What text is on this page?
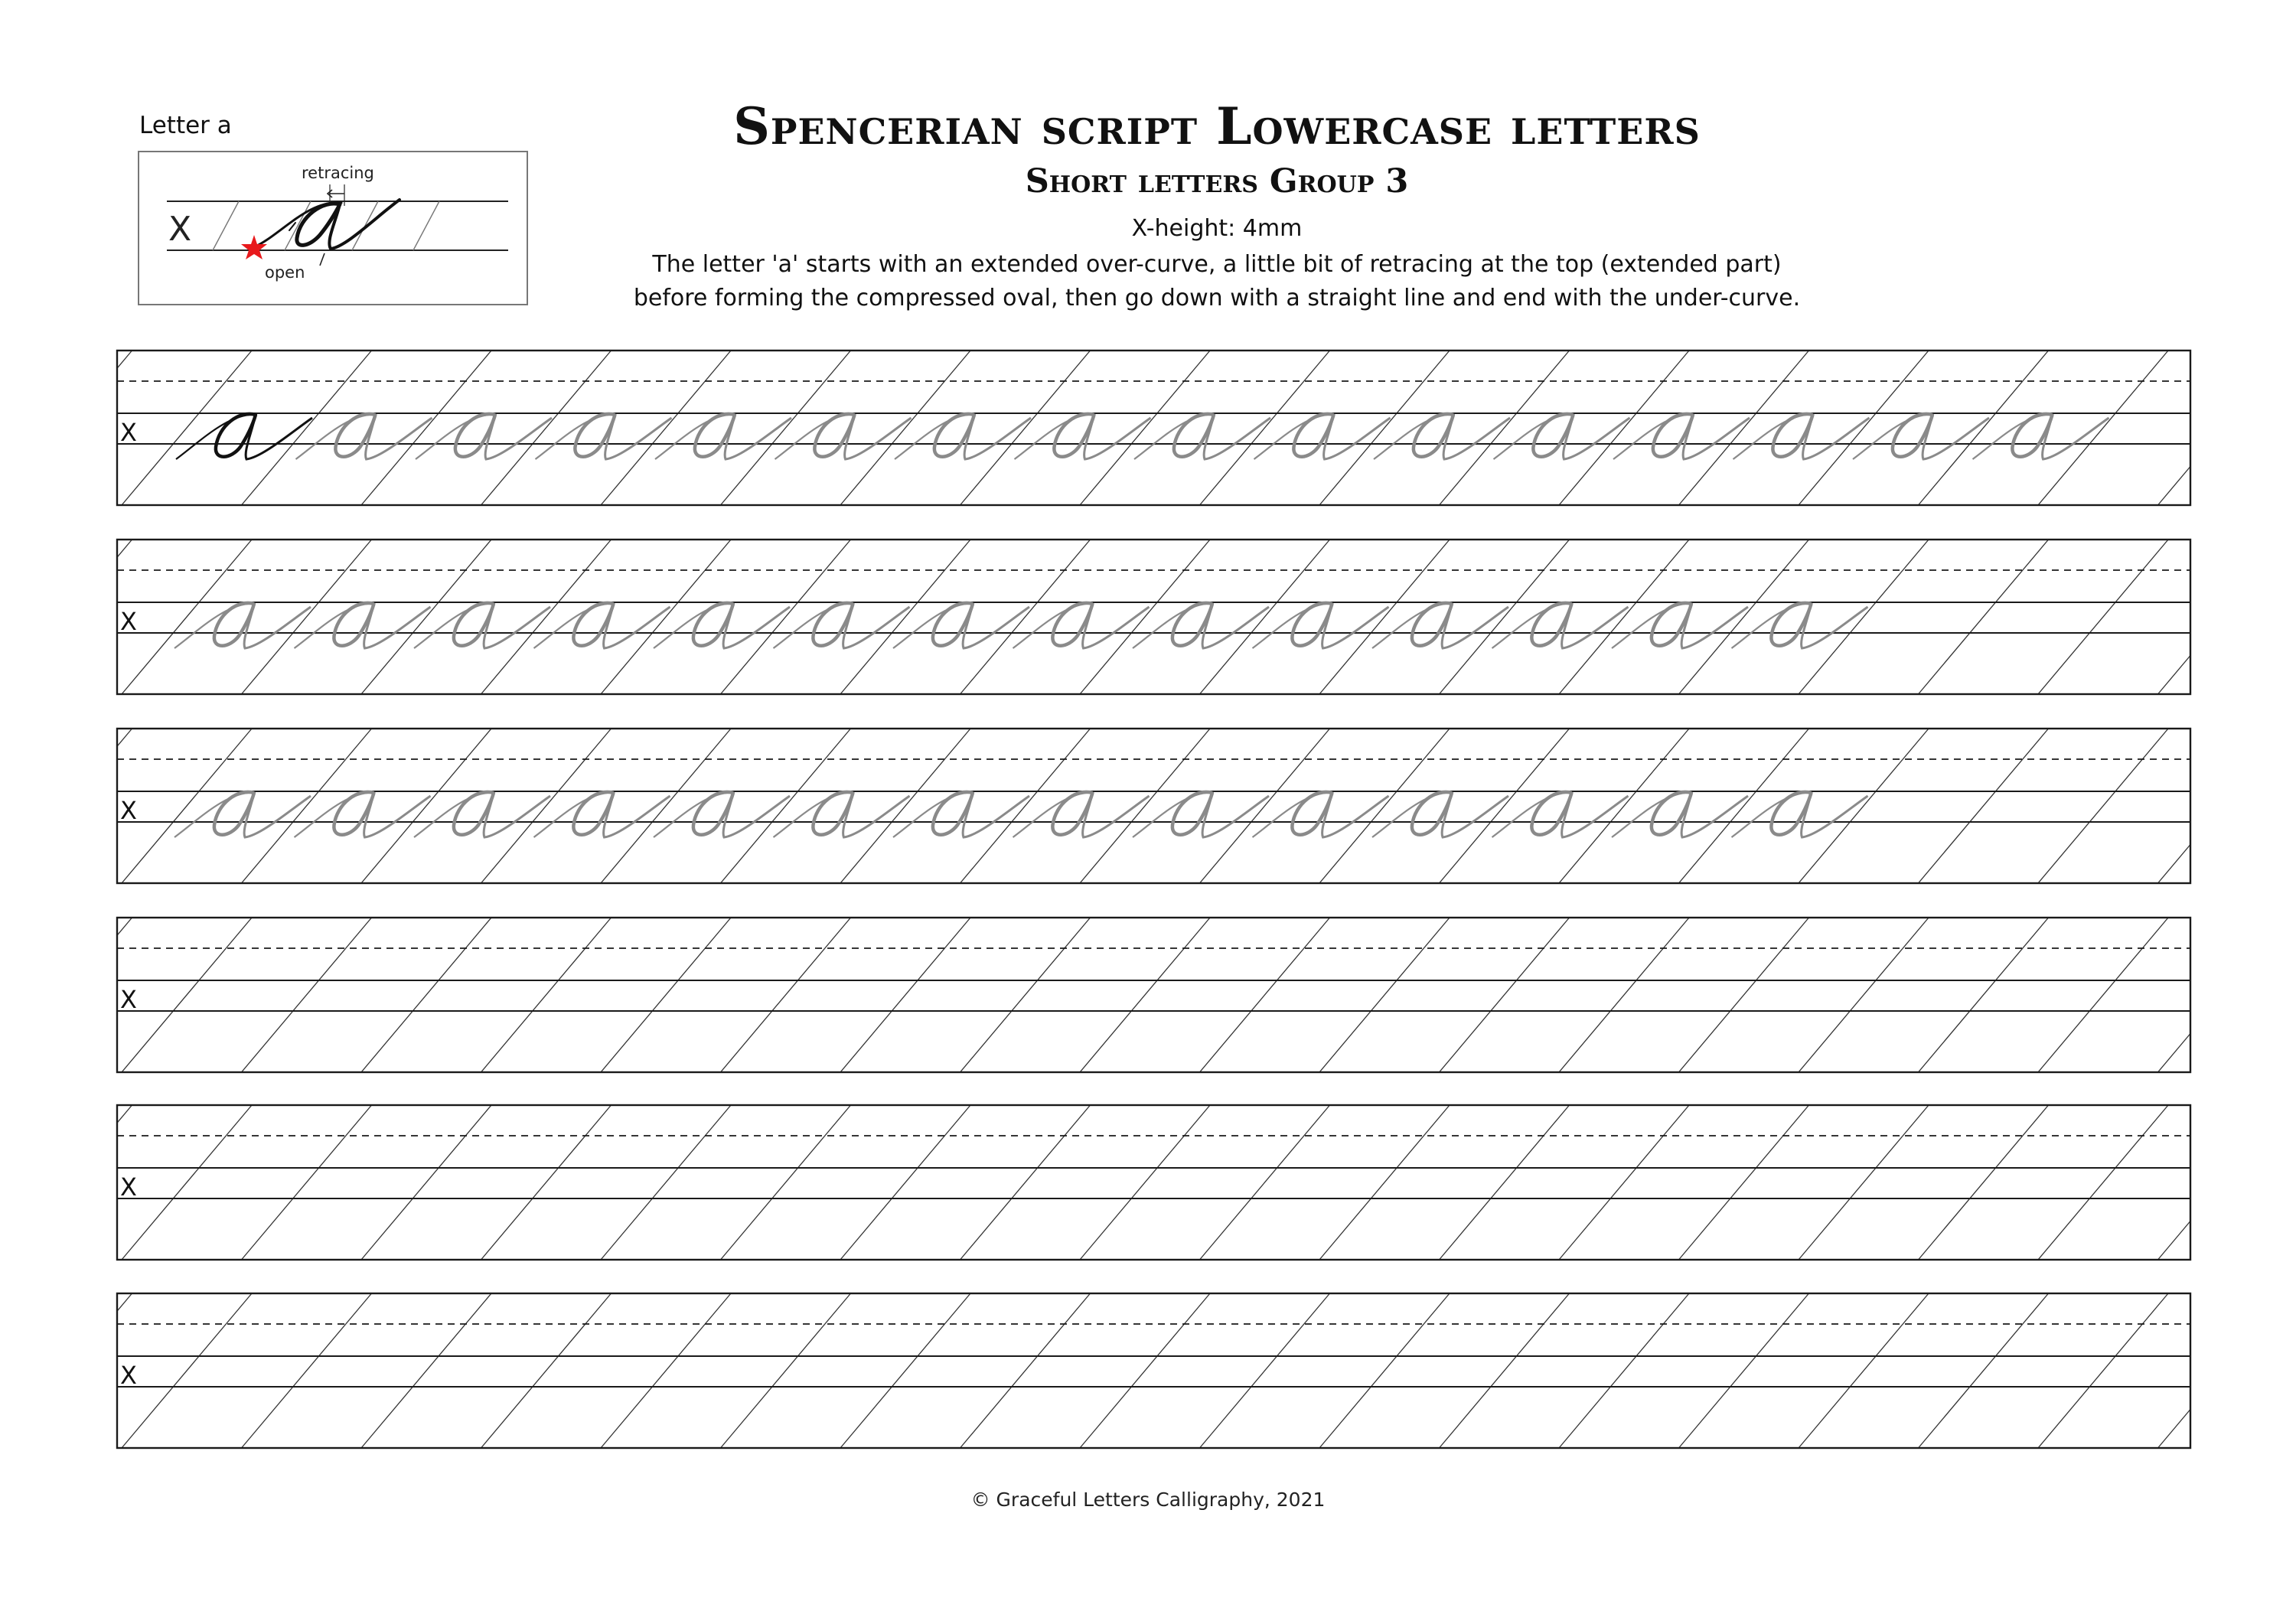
Letter a
X
retracing
open
Spencerian script Lowercase letters
Short letters Group 3
X-height: 4mm
The letter 'a' starts with an extended over-curve, a little bit of retracing at the top (extended part)
before forming the compressed oval, then go down with a straight line and end with the under-curve.
X
X
X
X
X
X
© Graceful Letters Calligraphy, 2021
